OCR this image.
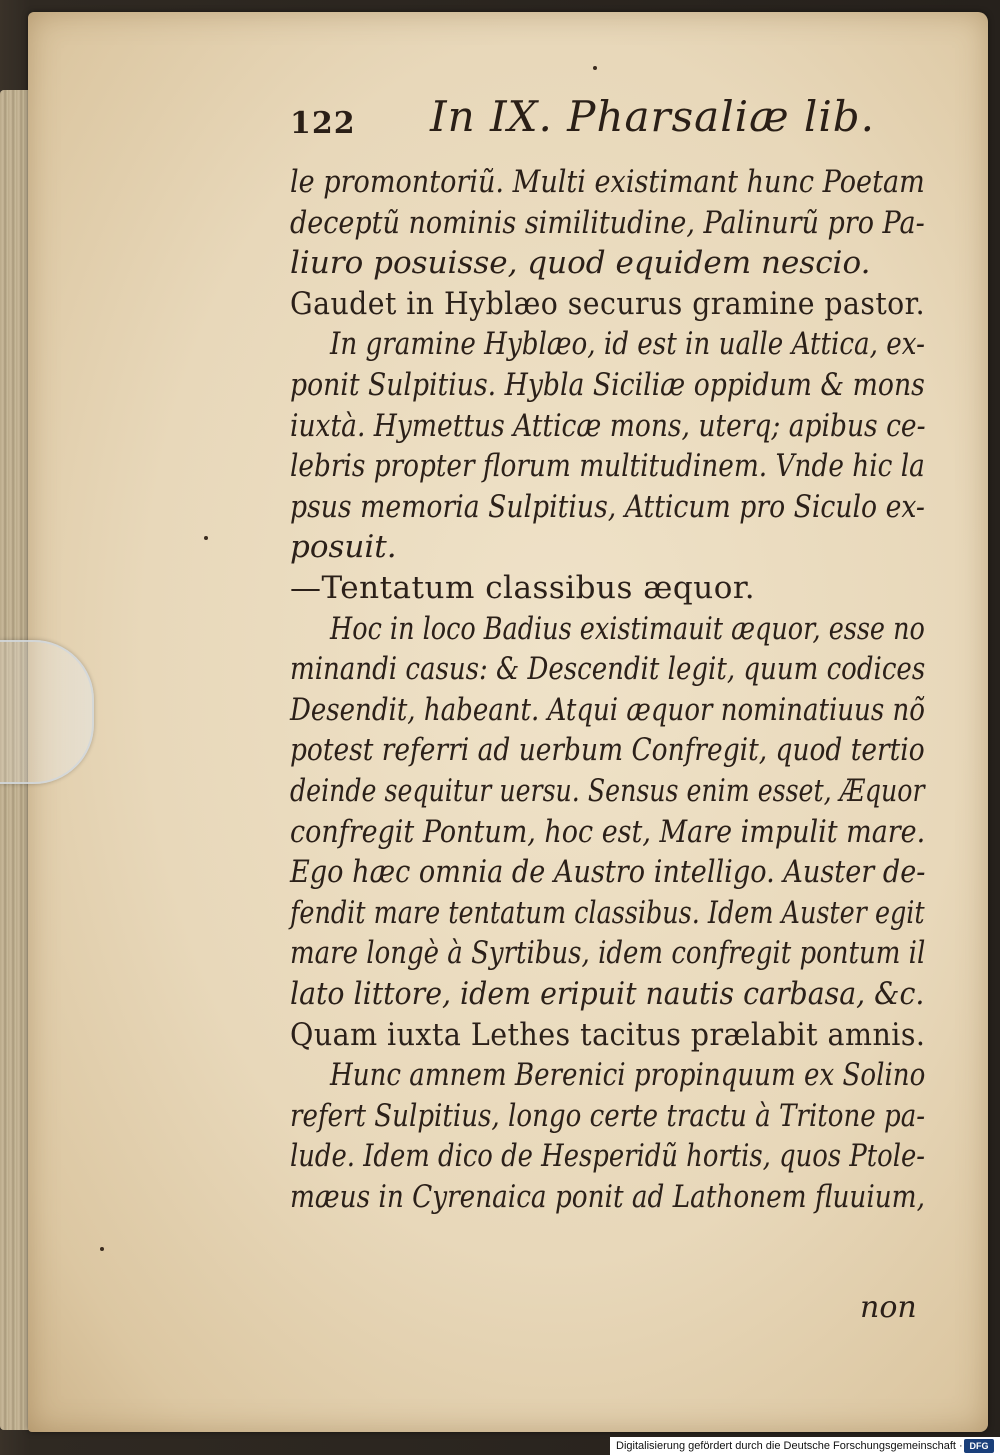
122 In IX. Pharsaliæ lib.
le promontoriũ. Multi existimant hunc Poetam
deceptũ nominis similitudine, Palinurũ pro Pa-
liuro posuisse, quod equidem nescio.
Gaudet in Hyblæo securus gramine pastor.
In gramine Hyblæo, id est in ualle Attica, ex-
ponit Sulpitius. Hybla Siciliæ oppidum & mons
iuxtà. Hymettus Atticæ mons, uterq; apibus ce-
lebris propter florum multitudinem. Vnde hic la
psus memoria Sulpitius, Atticum pro Siculo ex-
posuit.
—Tentatum classibus æquor.
Hoc in loco Badius existimauit æquor, esse no
minandi casus: & Descendit legit, quum codices
Desendit, habeant. Atqui æquor nominatiuus nõ
potest referri ad uerbum Confregit, quod tertio
deinde sequitur uersu. Sensus enim esset, Æquor
confregit Pontum, hoc est, Mare impulit mare.
Ego hæc omnia de Austro intelligo. Auster de-
fendit mare tentatum classibus. Idem Auster egit
mare longè à Syrtibus, idem confregit pontum il
lato littore, idem eripuit nautis carbasa, &c.
Quam iuxta Lethes tacitus prælabit amnis.
Hunc amnem Berenici propinquum ex Solino
refert Sulpitius, longo certe tractu à Tritone pa-
lude. Idem dico de Hesperidũ hortis, quos Ptole-
mæus in Cyrenaica ponit ad Lathonem fluuium,
non
Digitalisierung gefördert durch die Deutsche Forschungsgemeinschaft · DFG
